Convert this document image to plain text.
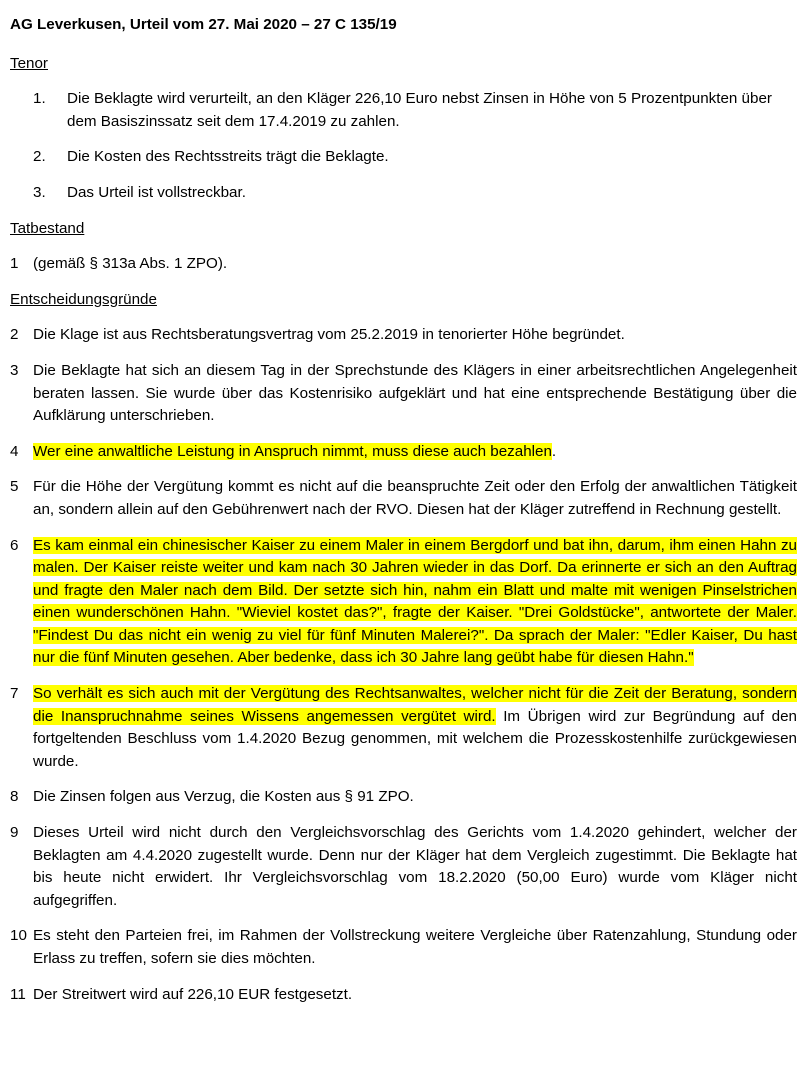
AG Leverkusen, Urteil vom 27. Mai 2020 – 27 C 135/19
Tenor
1. Die Beklagte wird verurteilt, an den Kläger 226,10 Euro nebst Zinsen in Höhe von 5 Prozentpunkten über dem Basiszinssatz seit dem 17.4.2019 zu zahlen.
2. Die Kosten des Rechtsstreits trägt die Beklagte.
3. Das Urteil ist vollstreckbar.
Tatbestand
1 (gemäß § 313a Abs. 1 ZPO).
Entscheidungsgründe
2 Die Klage ist aus Rechtsberatungsvertrag vom 25.2.2019 in tenorierter Höhe begründet.
3 Die Beklagte hat sich an diesem Tag in der Sprechstunde des Klägers in einer arbeitsrechtlichen Angelegenheit beraten lassen. Sie wurde über das Kostenrisiko aufgeklärt und hat eine entsprechende Bestätigung über die Aufklärung unterschrieben.
4 Wer eine anwaltliche Leistung in Anspruch nimmt, muss diese auch bezahlen.
5 Für die Höhe der Vergütung kommt es nicht auf die beanspruchte Zeit oder den Erfolg der anwaltlichen Tätigkeit an, sondern allein auf den Gebührenwert nach der RVO. Diesen hat der Kläger zutreffend in Rechnung gestellt.
6 Es kam einmal ein chinesischer Kaiser zu einem Maler in einem Bergdorf und bat ihn, darum, ihm einen Hahn zu malen. Der Kaiser reiste weiter und kam nach 30 Jahren wieder in das Dorf. Da erinnerte er sich an den Auftrag und fragte den Maler nach dem Bild. Der setzte sich hin, nahm ein Blatt und malte mit wenigen Pinselstrichen einen wunderschönen Hahn. "Wieviel kostet das?", fragte der Kaiser. "Drei Goldstücke", antwortete der Maler. "Findest Du das nicht ein wenig zu viel für fünf Minuten Malerei?". Da sprach der Maler: "Edler Kaiser, Du hast nur die fünf Minuten gesehen. Aber bedenke, dass ich 30 Jahre lang geübt habe für diesen Hahn."
7 So verhält es sich auch mit der Vergütung des Rechtsanwaltes, welcher nicht für die Zeit der Beratung, sondern die Inanspruchnahme seines Wissens angemessen vergütet wird. Im Übrigen wird zur Begründung auf den fortgeltenden Beschluss vom 1.4.2020 Bezug genommen, mit welchem die Prozesskostenhilfe zurückgewiesen wurde.
8 Die Zinsen folgen aus Verzug, die Kosten aus § 91 ZPO.
9 Dieses Urteil wird nicht durch den Vergleichsvorschlag des Gerichts vom 1.4.2020 gehindert, welcher der Beklagten am 4.4.2020 zugestellt wurde. Denn nur der Kläger hat dem Vergleich zugestimmt. Die Beklagte hat bis heute nicht erwidert. Ihr Vergleichsvorschlag vom 18.2.2020 (50,00 Euro) wurde vom Kläger nicht aufgegriffen.
10 Es steht den Parteien frei, im Rahmen der Vollstreckung weitere Vergleiche über Ratenzahlung, Stundung oder Erlass zu treffen, sofern sie dies möchten.
11 Der Streitwert wird auf 226,10 EUR festgesetzt.
